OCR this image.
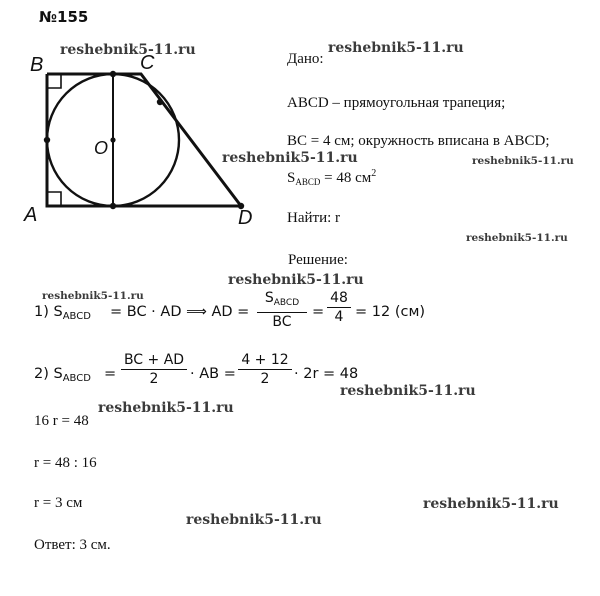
№155
B	C
A	D
O
Дано:
ABCD – прямоугольная трапеция;
BC = 4 см; окружность вписана в ABCD;
$S_{ABCD} = 48$ $см^2$
Найти: r
Решение:
1) $S_{ABCD}$ = BC · AD ⟹ AD =
$S_{ABCD}$
BC
= $\frac{48}{4} = 12$ (см)
2) $S_{ABCD} = \frac{BC + AD}{2}$ · AB = $\frac{4 + 12}{2} \cdot 2r = 48$
16 r = 48
r = 48 : 16
r = 3 см
Ответ: 3 см.
reshebnik5-11.ru	reshebnik5-11.ru
reshebnik5-11.ru	reshebnik5-11.ru
reshebnik5-11.ru
reshebnik5-11.ru
reshebnik5-11.ru
reshebnik5-11.ru
reshebnik5-11.ru
reshebnik5-11.ru
reshebnik5-11.ru
